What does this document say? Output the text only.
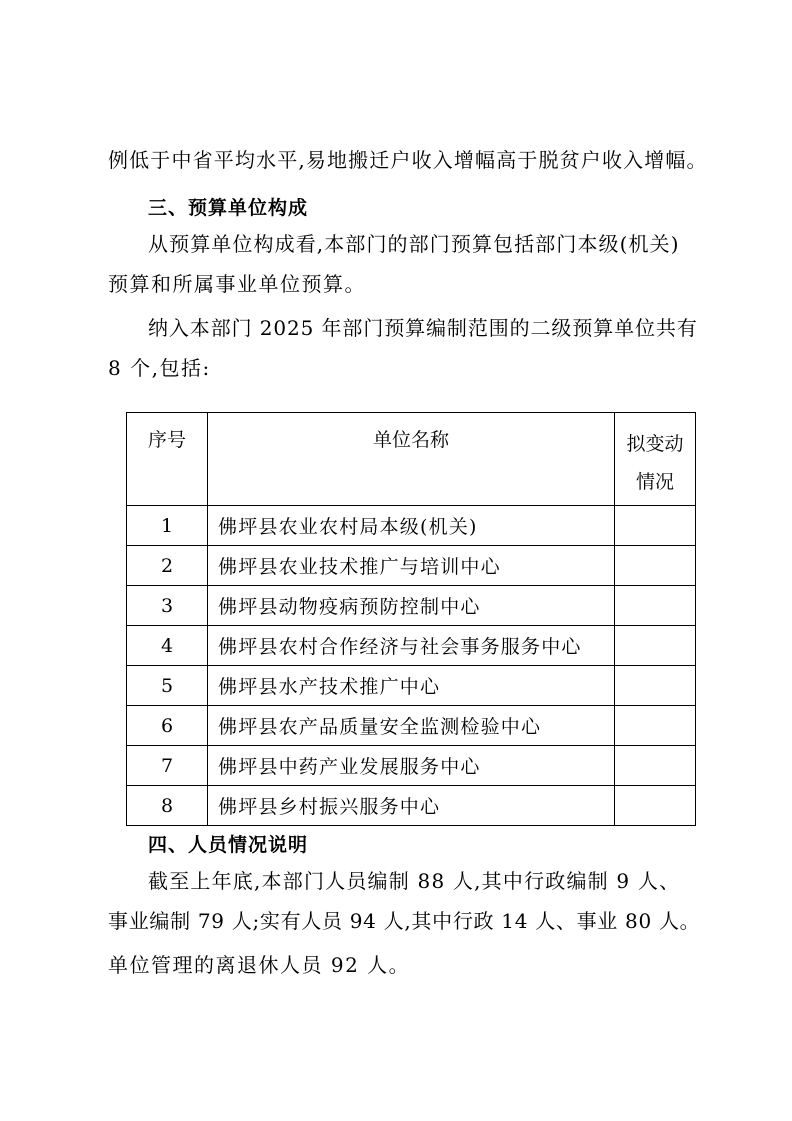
例低于中省平均水平,易地搬迁户收入增幅高于脱贫户收入增幅。
三、预算单位构成
从预算单位构成看,本部门的部门预算包括部门本级(机关)
预算和所属事业单位预算。
纳入本部门 2025 年部门预算编制范围的二级预算单位共有
8 个,包括:
序号	单位名称	拟变动
情况

1	佛坪县农业农村局本级(机关)	
2	佛坪县农业技术推广与培训中心	
3	佛坪县动物疫病预防控制中心	
4	佛坪县农村合作经济与社会事务服务中心	
5	佛坪县水产技术推广中心	
6	佛坪县农产品质量安全监测检验中心	
7	佛坪县中药产业发展服务中心	
8	佛坪县乡村振兴服务中心	
四、人员情况说明
截至上年底,本部门人员编制 88 人,其中行政编制 9 人、
事业编制 79 人;实有人员 94 人,其中行政 14 人、事业 80 人。
单位管理的离退休人员 92 人。
